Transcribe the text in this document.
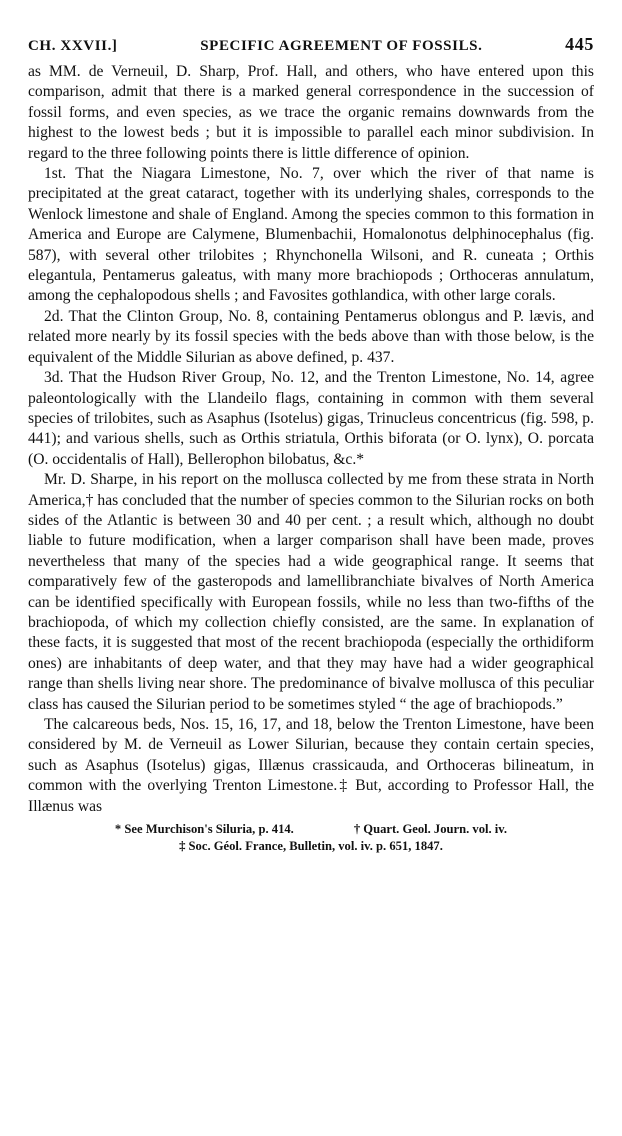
CH. XXVII.]	SPECIFIC AGREEMENT OF FOSSILS.	445

as MM. de Verneuil, D. Sharp, Prof. Hall, and others, who have entered upon this comparison, admit that there is a marked general correspondence in the succession of fossil forms, and even species, as we trace the organic remains downwards from the highest to the lowest beds ; but it is impossible to parallel each minor subdivision. In regard to the three following points there is little difference of opinion.

1st. That the Niagara Limestone, No. 7, over which the river of that name is precipitated at the great cataract, together with its underlying shales, corresponds to the Wenlock limestone and shale of England. Among the species common to this formation in America and Europe are Calymene, Blumenbachii, Homalonotus delphinocephalus (fig. 587), with several other trilobites ; Rhynchonella Wilsoni, and R. cuneata ; Orthis elegantula, Pentamerus galeatus, with many more brachiopods ; Orthoceras annulatum, among the cephalopodous shells ; and Favosites gothlandica, with other large corals.

2d. That the Clinton Group, No. 8, containing Pentamerus oblongus and P. lævis, and related more nearly by its fossil species with the beds above than with those below, is the equivalent of the Middle Silurian as above defined, p. 437.

3d. That the Hudson River Group, No. 12, and the Trenton Limestone, No. 14, agree paleontologically with the Llandeilo flags, containing in common with them several species of trilobites, such as Asaphus (Isotelus) gigas, Trinucleus concentricus (fig. 598, p. 441); and various shells, such as Orthis striatula, Orthis biforata (or O. lynx), O. porcata (O. occidentalis of Hall), Bellerophon bilobatus, &c.*

Mr. D. Sharpe, in his report on the mollusca collected by me from these strata in North America,† has concluded that the number of species common to the Silurian rocks on both sides of the Atlantic is between 30 and 40 per cent. ; a result which, although no doubt liable to future modification, when a larger comparison shall have been made, proves nevertheless that many of the species had a wide geographical range. It seems that comparatively few of the gasteropods and lamellibranchiate bivalves of North America can be identified specifically with European fossils, while no less than two-fifths of the brachiopoda, of which my collection chiefly consisted, are the same. In explanation of these facts, it is suggested that most of the recent brachiopoda (especially the orthidiform ones) are inhabitants of deep water, and that they may have had a wider geographical range than shells living near shore. The predominance of bivalve mollusca of this peculiar class has caused the Silurian period to be sometimes styled “ the age of brachiopods.”

The calcareous beds, Nos. 15, 16, 17, and 18, below the Trenton Limestone, have been considered by M. de Verneuil as Lower Silurian, because they contain certain species, such as Asaphus (Isotelus) gigas, Illænus crassicauda, and Orthoceras bilineatum, in common with the overlying Trenton Limestone.‡ But, according to Professor Hall, the Illænus was

* See Murchison's Siluria, p. 414.	† Quart. Geol. Journ. vol. iv.
‡ Soc. Géol. France, Bulletin, vol. iv. p. 651, 1847.
